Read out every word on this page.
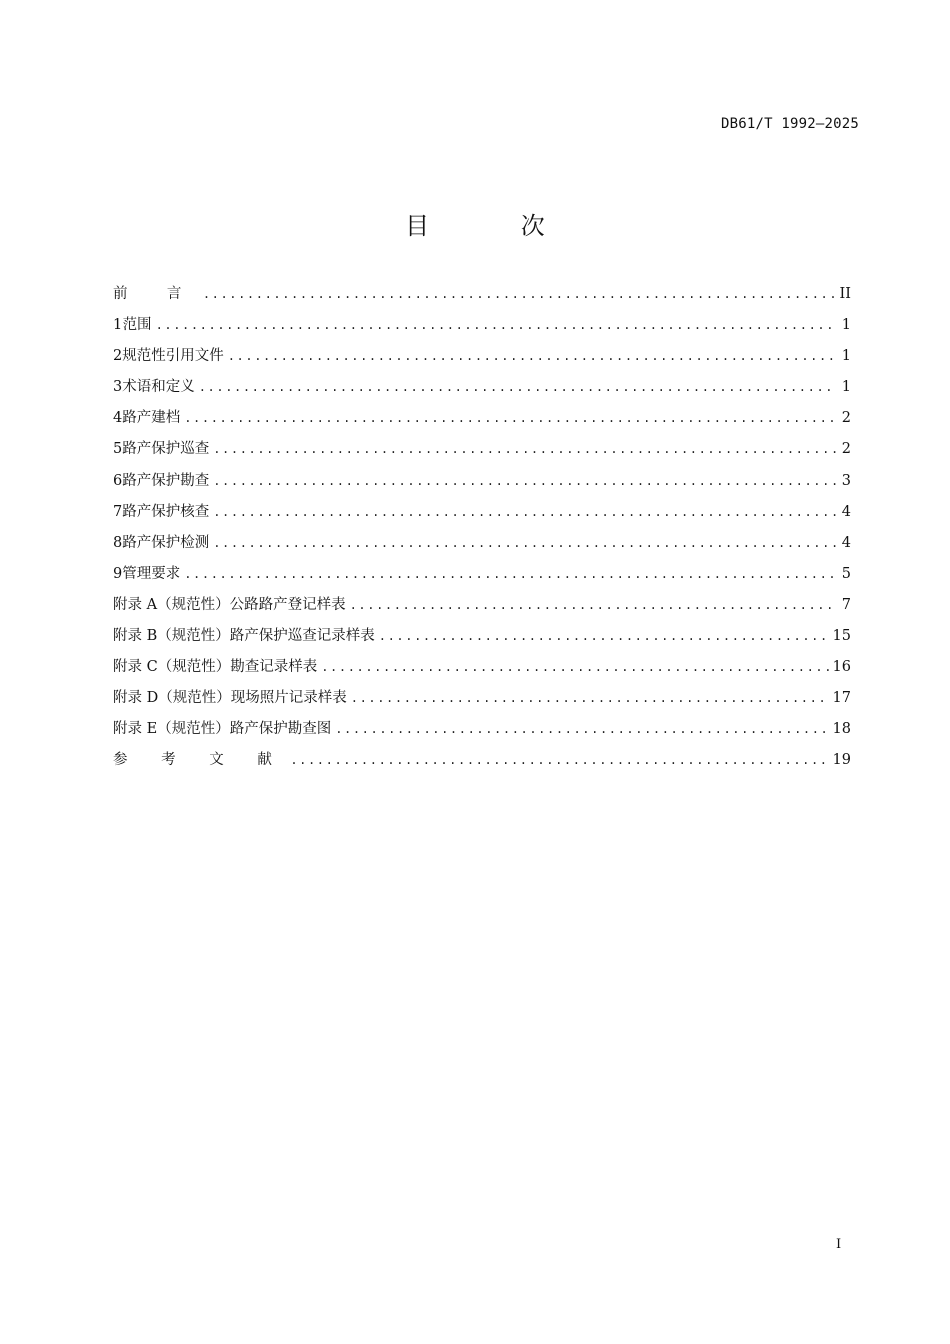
DB61/T 1992—2025
目 次
前 言 .....	II
1 范围 .....	1
2 规范性引用文件 .....	1
3 术语和定义 .....	1
4 路产建档 .....	2
5 路产保护巡查 .....	2
6 路产保护勘查 .....	3
7 路产保护核查 .....	4
8 路产保护检测 .....	4
9 管理要求 .....	5
附录 A （规范性） 公路路产登记样表 .....	7
附录 B （规范性） 路产保护巡查记录样表 .....	15
附录 C （规范性） 勘查记录样表 .....	16
附录 D （规范性） 现场照片记录样表 .....	17
附录 E （规范性） 路产保护勘查图 .....	18
参 考 文 献 .....	19
I
